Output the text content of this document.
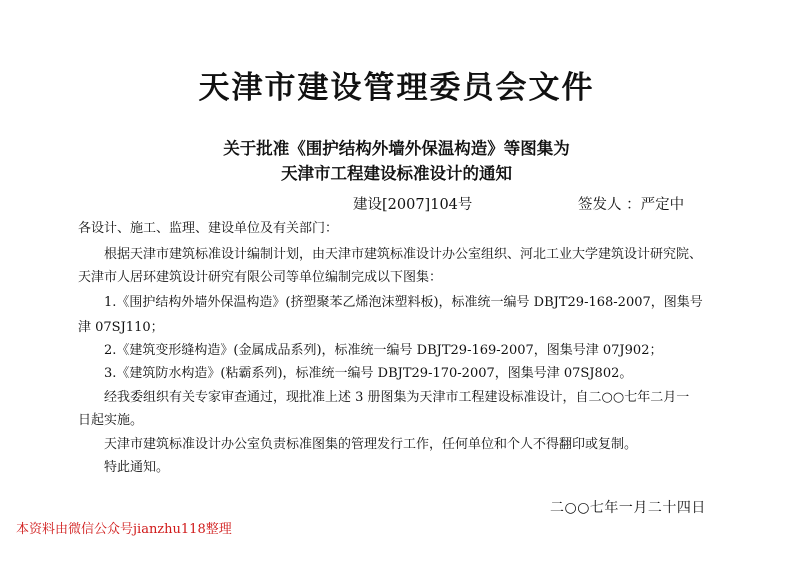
天津市建设管理委员会文件
关于批准《围护结构外墙外保温构造》等图集为
天津市工程建设标准设计的通知
建设[2007]104号	签发人 ：严定中
各设计、施工、监理、建设单位及有关部门：
根据天津市建筑标准设计编制计划，由天津市建筑标准设计办公室组织、河北工业大学建筑设计研究院、
天津市人居环建筑设计研究有限公司等单位编制完成以下图集：
1.《围护结构外墙外保温构造》(挤塑聚苯乙烯泡沫塑料板)，标准统一编号 DBJT29-168-2007，图集号
津 07SJ110；
2.《建筑变形缝构造》(金属成品系列)，标准统一编号 DBJT29-169-2007，图集号津 07J902；
3.《建筑防水构造》(粘霸系列)，标准统一编号 DBJT29-170-2007，图集号津 07SJ802。
经我委组织有关专家审查通过，现批准上述 3 册图集为天津市工程建设标准设计，自二○○七年二月一
日起实施。
天津市建筑标准设计办公室负责标准图集的管理发行工作，任何单位和个人不得翻印或复制。
特此通知。
二○○七年一月二十四日
本资料由微信公众号jianzhu118整理
